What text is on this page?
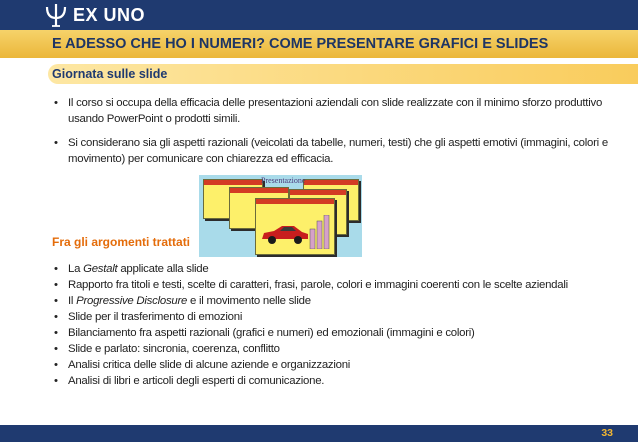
EX UNO
E ADESSO CHE HO I NUMERI? COME PRESENTARE GRAFICI E SLIDES
Giornata sulle slide
• Il corso si occupa della efficacia delle presentazioni aziendali con slide realizzate con il minimo sforzo produttivo usando PowerPoint o prodotti simili.
• Si considerano sia gli aspetti razionali (veicolati da tabelle, numeri, testi) che gli aspetti emotivi (immagini, colori e movimento) per comunicare con chiarezza ed efficacia.
Presentazione
Fra gli argomenti trattati
• La Gestalt applicate alla slide
• Rapporto fra titoli e testi, scelte di caratteri, frasi, parole, colori e immagini coerenti con le scelte aziendali
• Il Progressive Disclosure e il movimento nelle slide
• Slide per il trasferimento di emozioni
• Bilanciamento fra aspetti razionali (grafici e numeri) ed emozionali (immagini e colori)
• Slide e parlato: sincronia, coerenza, conflitto
• Analisi critica delle slide di alcune aziende e organizzazioni
• Analisi di libri e articoli degli esperti di comunicazione.
33
